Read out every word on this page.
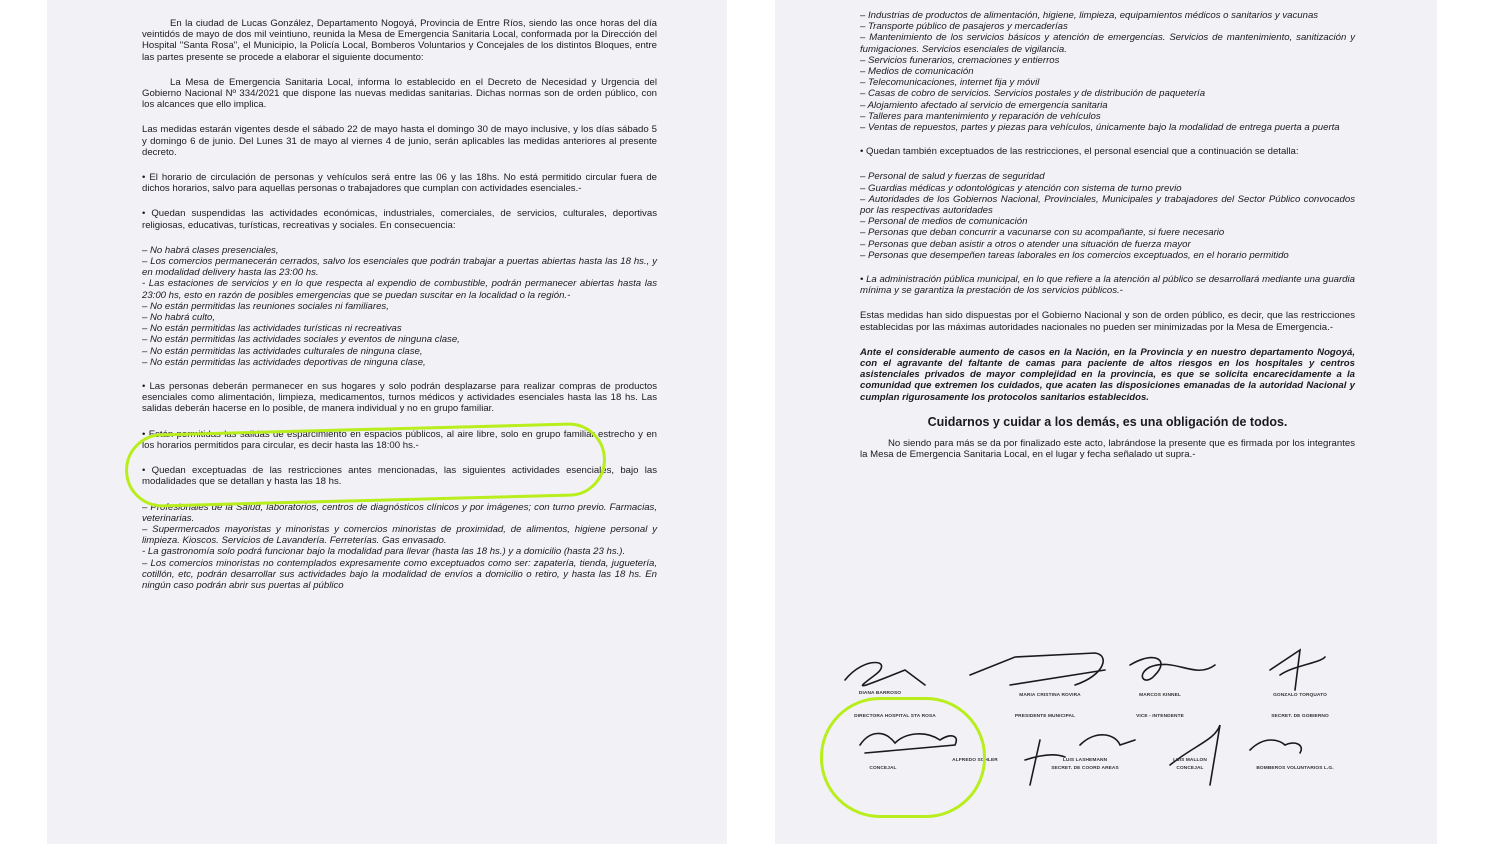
En la ciudad de Lucas González, Departamento Nogoyá, Provincia de Entre Ríos, siendo las once horas del día veintidós de mayo de dos mil veintiuno, reunida la Mesa de Emergencia Sanitaria Local, conformada por la Dirección del Hospital "Santa Rosa", el Municipio, la Policía Local, Bomberos Voluntarios y Concejales de los distintos Bloques, entre las partes presente se procede a elaborar el siguiente documento:

La Mesa de Emergencia Sanitaria Local, informa lo establecido en el Decreto de Necesidad y Urgencia del Gobierno Nacional Nº 334/2021 que dispone las nuevas medidas sanitarias. Dichas normas son de orden público, con los alcances que ello implica.

Las medidas estarán vigentes desde el sábado 22 de mayo hasta el domingo 30 de mayo inclusive, y los días sábado 5 y domingo 6 de junio. Del Lunes 31 de mayo al viernes 4 de junio, serán aplicables las medidas anteriores al presente decreto.

• El horario de circulación de personas y vehículos será entre las 06 y las 18hs. No está permitido circular fuera de dichos horarios, salvo para aquellas personas o trabajadores que cumplan con actividades esenciales.-

• Quedan suspendidas las actividades económicas, industriales, comerciales, de servicios, culturales, deportivas religiosas, educativas, turísticas, recreativas y sociales. En consecuencia:

– No habrá clases presenciales,

– Los comercios permanecerán cerrados, salvo los esenciales que podrán trabajar a puertas abiertas hasta las 18 hs., y en modalidad delivery hasta las 23:00 hs.

- Las estaciones de servicios y en lo que respecta al expendio de combustible, podrán permanecer abiertas hasta las 23:00 hs, esto en razón de posibles emergencias que se puedan suscitar en la localidad o la región.-

– No están permitidas las reuniones sociales ni familiares,

– No habrá culto,

– No están permitidas las actividades turísticas ni recreativas

– No están permitidas las actividades sociales y eventos de ninguna clase,

– No están permitidas las actividades culturales de ninguna clase,

– No están permitidas las actividades deportivas de ninguna clase,

• Las personas deberán permanecer en sus hogares y solo podrán desplazarse para realizar compras de productos esenciales como alimentación, limpieza, medicamentos, turnos médicos y actividades esenciales hasta las 18 hs. Las salidas deberán hacerse en lo posible, de manera individual y no en grupo familiar.

• Están permitidas las salidas de esparcimiento en espacios públicos, al aire libre, solo en grupo familiar estrecho y en los horarios permitidos para circular, es decir hasta las 18:00 hs.-

• Quedan exceptuadas de las restricciones antes mencionadas, las siguientes actividades esenciales, bajo las modalidades que se detallan y hasta las 18 hs.

– Profesionales de la Salud, laboratorios, centros de diagnósticos clínicos y por imágenes; con turno previo. Farmacias, veterinarias.

– Supermercados mayoristas y minoristas y comercios minoristas de proximidad, de alimentos, higiene personal y limpieza. Kioscos. Servicios de Lavandería. Ferreterías. Gas envasado.

- La gastronomía solo podrá funcionar bajo la modalidad para llevar (hasta las 18 hs.) y a domicilio (hasta 23 hs.).

– Los comercios minoristas no contemplados expresamente como exceptuados como ser: zapatería, tienda, juguetería, cotillón, etc, podrán desarrollar sus actividades bajo la modalidad de envíos a domicilio o retiro, y hasta las 18 hs. En ningún caso podrán abrir sus puertas al público

– Industrias de productos de alimentación, higiene, limpieza, equipamientos médicos o sanitarios y vacunas

– Transporte público de pasajeros y mercaderías

– Mantenimiento de los servicios básicos y atención de emergencias. Servicios de mantenimiento, sanitización y fumigaciones. Servicios esenciales de vigilancia.

– Servicios funerarios, cremaciones y entierros

– Medios de comunicación

– Telecomunicaciones, internet fija y móvil

– Casas de cobro de servicios. Servicios postales y de distribución de paquetería

– Alojamiento afectado al servicio de emergencia sanitaria

– Talleres para mantenimiento y reparación de vehículos

– Ventas de repuestos, partes y piezas para vehículos, únicamente bajo la modalidad de entrega puerta a puerta

• Quedan también exceptuados de las restricciones, el personal esencial que a continuación se detalla:

– Personal de salud y fuerzas de seguridad

– Guardias médicas y odontológicas y atención con sistema de turno previo

– Autoridades de los Gobiernos Nacional, Provinciales, Municipales y trabajadores del Sector Público convocados por las respectivas autoridades

– Personal de medios de comunicación

– Personas que deban concurrir a vacunarse con su acompañante, si fuere necesario

– Personas que deban asistir a otros o atender una situación de fuerza mayor

– Personas que desempeñen tareas laborales en los comercios exceptuados, en el horario permitido

• La administración pública municipal, en lo que refiere a la atención al público se desarrollará mediante una guardia mínima y se garantiza la prestación de los servicios públicos.-

Estas medidas han sido dispuestas por el Gobierno Nacional y son de orden público, es decir, que las restricciones establecidas por las máximas autoridades nacionales no pueden ser minimizadas por la Mesa de Emergencia.-

Ante el considerable aumento de casos en la Nación, en la Provincia y en nuestro departamento Nogoyá, con el agravante del faltante de camas para paciente de altos riesgos en los hospitales y centros asistenciales privados de mayor complejidad en la provincia, es que se solicita encarecidamente a la comunidad que extremen los cuidados, que acaten las disposiciones emanadas de la autoridad Nacional y cumplan rigurosamente los protocolos sanitarios establecidos.

Cuidarnos y cuidar a los demás, es una obligación de todos.

No siendo para más se da por finalizado este acto, labrándose la presente que es firmada por los integrantes la Mesa de Emergencia Sanitaria Local, en el lugar y fecha señalado ut supra.-

DIANA BARROSO
DIRECTORA HOSPITAL STA ROSA
MARIA CRISTINA ROVIRA
PRESIDENTE MUNICIPAL
MARCOS KINNEL
VICE - INTENDENTE
GONZALO TORQUATO
SECRET. DE GOBIERNO
CONCEJAL
ALFREDO SCHLER	LUIS LASHEMANN
SECRET. DE COORD AREAS
LUIS MALLON
CONCEJAL	BOMBEROS VOLUNTARIOS L.G.
